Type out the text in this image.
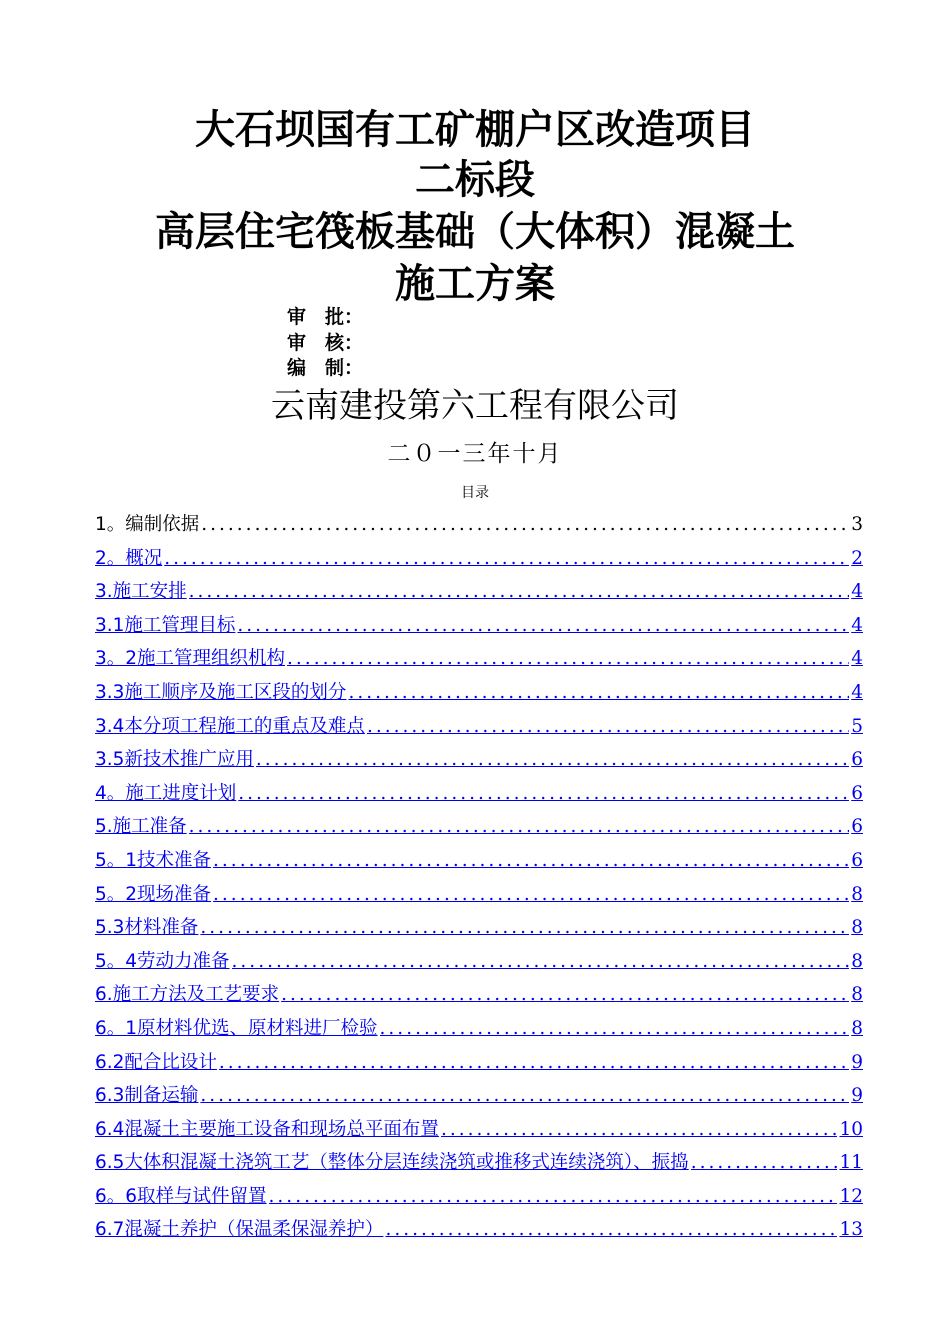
大石坝国有工矿棚户区改造项目
二标段
高层住宅筏板基础（大体积）混凝土
施工方案
审　批：
审　核：
编　制：
云南建投第六工程有限公司
二０一三年十月
目录
1。编制依据 .....	3
2。概况 .....	2
3.施工安排 .....	4
3.1施工管理目标 .....	4
3。2施工管理组织机构 .....	4
3.3施工顺序及施工区段的划分 .....	4
3.4本分项工程施工的重点及难点 .....	5
3.5新技术推广应用 .....	6
4。施工进度计划 .....	6
5.施工准备 .....	6
5。1技术准备 .....	6
5。2现场准备 .....	8
5.3材料准备 .....	8
5。4劳动力准备 .....	8
6.施工方法及工艺要求 .....	8
6。1原材料优选、原材料进厂检验 .....	8
6.2配合比设计 .....	9
6.3制备运输 .....	9
6.4混凝土主要施工设备和现场总平面布置 .....	10
6.5大体积混凝土浇筑工艺（整体分层连续浇筑或推移式连续浇筑）、振捣 .....	11
6。6取样与试件留置 .....	12
6.7混凝土养护（保温柔保湿养护） .....	13
